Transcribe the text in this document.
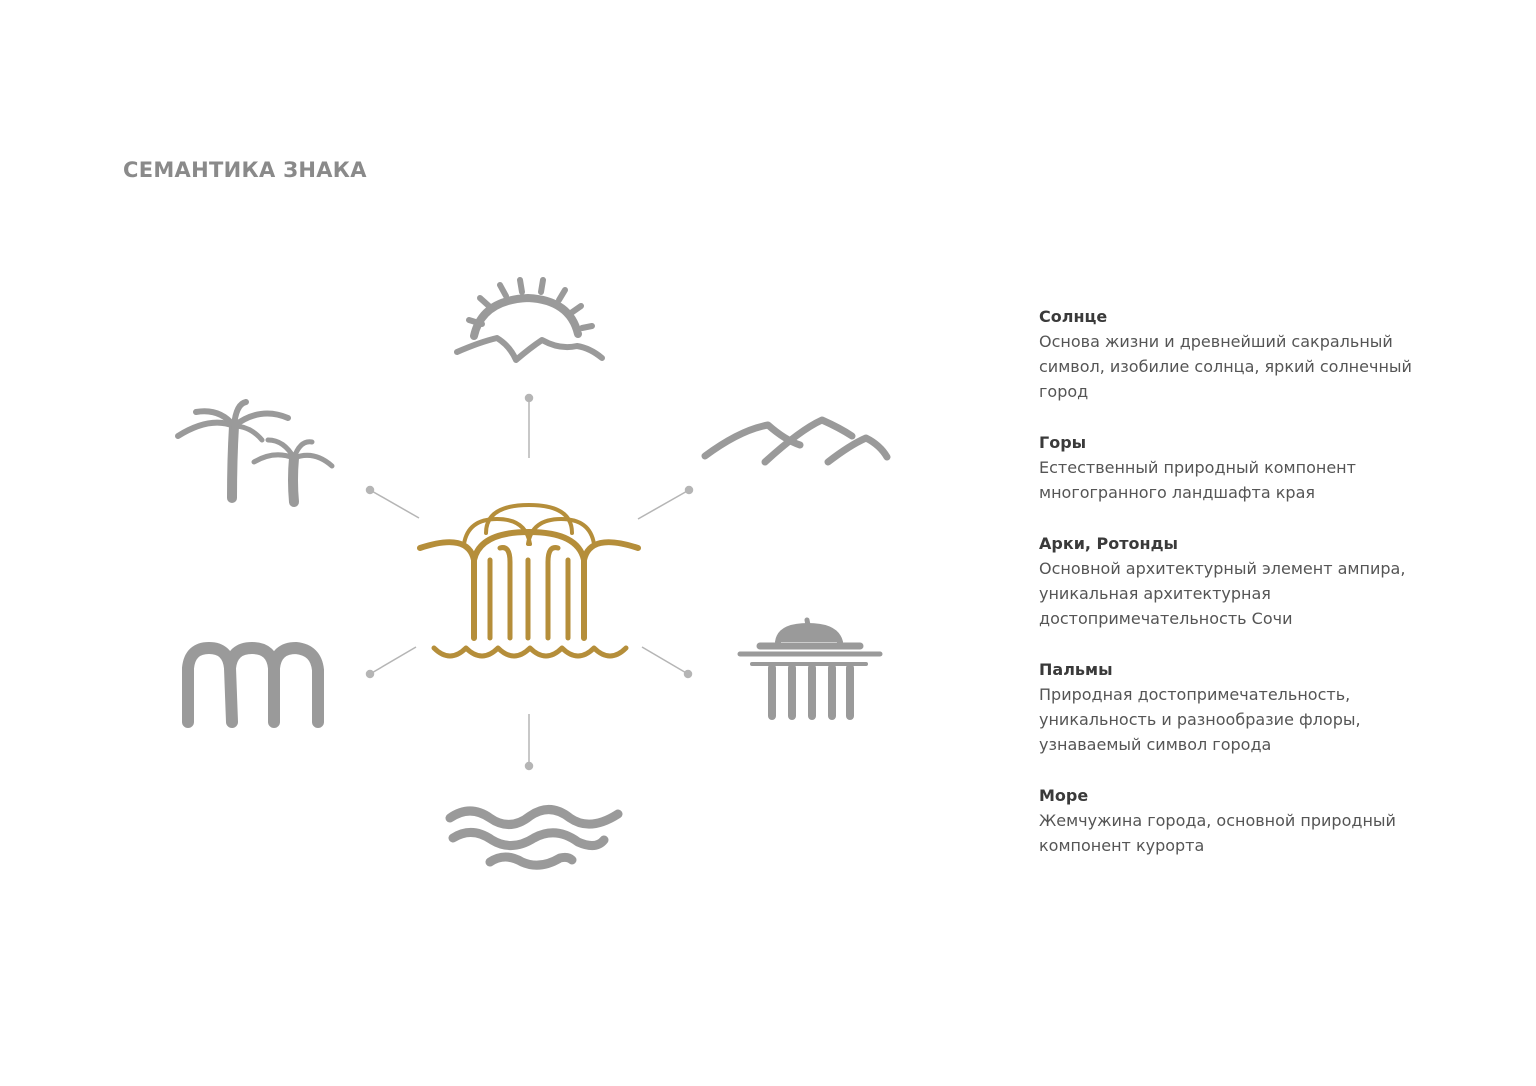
СЕМАНТИКА ЗНАКА
Солнце
Основа жизни и древнейший сакральный символ, изобилие солнца, яркий солнечный город
Горы
Естественный природный компонент многогранного ландшафта края
Арки, Ротонды
Основной архитектурный элемент ампира, уникальная архитектурная достопримечательность Сочи
Пальмы
Природная достопримечательность, уникальность и разнообразие флоры, узнаваемый символ города
Море
Жемчужина города, основной природный компонент курорта
